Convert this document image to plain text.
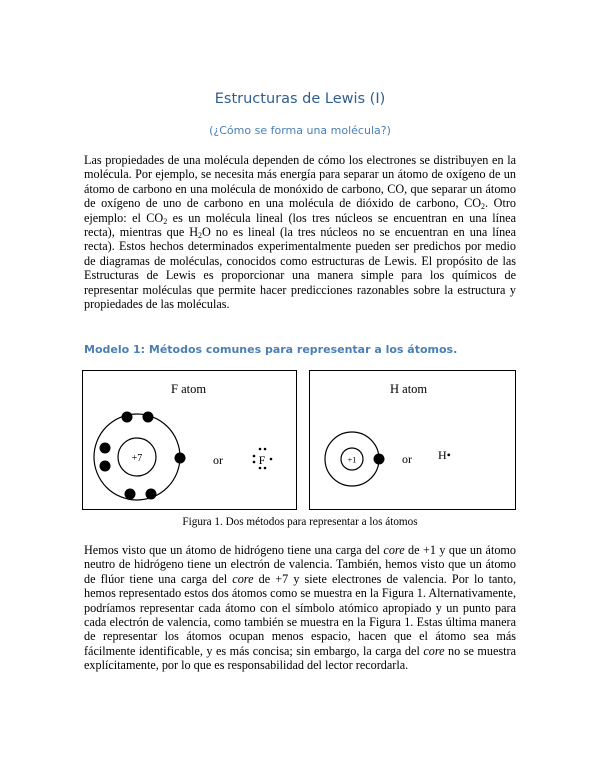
Estructuras de Lewis (I)
(¿Cómo se forma una molécula?)
Las propiedades de una molécula dependen de cómo los electrones se distribuyen en la molécula. Por ejemplo, se necesita más energía para separar un átomo de oxígeno de un átomo de carbono en una molécula de monóxido de carbono, CO, que separar un átomo de oxígeno de uno de carbono en una molécula de dióxido de carbono, $CO_2$. Otro ejemplo: el $CO_2$ es un molécula lineal (los tres núcleos se encuentran en una línea recta), mientras que $H_2O$ no es lineal (la tres núcleos no se encuentran en una línea recta). Estos hechos determinados experimentalmente pueden ser predichos por medio de diagramas de moléculas, conocidos como estructuras de Lewis. El propósito de las Estructuras de Lewis es proporcionar una manera simple para los químicos de representar moléculas que permite hacer predicciones razonables sobre la estructura y propiedades de las moléculas.
Modelo 1: Métodos comunes para representar a los átomos.
F atom
+7	or	F
H atom
+1	or H•
Figura 1. Dos métodos para representar a los átomos
Hemos visto que un átomo de hidrógeno tiene una carga del core de +1 y que un átomo neutro de hidrógeno tiene un electrón de valencia. También, hemos visto que un átomo de flúor tiene una carga del core de +7 y siete electrones de valencia. Por lo tanto, hemos representado estos dos átomos como se muestra en la Figura 1. Alternativamente, podríamos representar cada átomo con el símbolo atómico apropiado y un punto para cada electrón de valencia, como también se muestra en la Figura 1. Estas última manera de representar los átomos ocupan menos espacio, hacen que el átomo sea más fácilmente identificable, y es más concisa; sin embargo, la carga del core no se muestra explícitamente, por lo que es responsabilidad del lector recordarla.
